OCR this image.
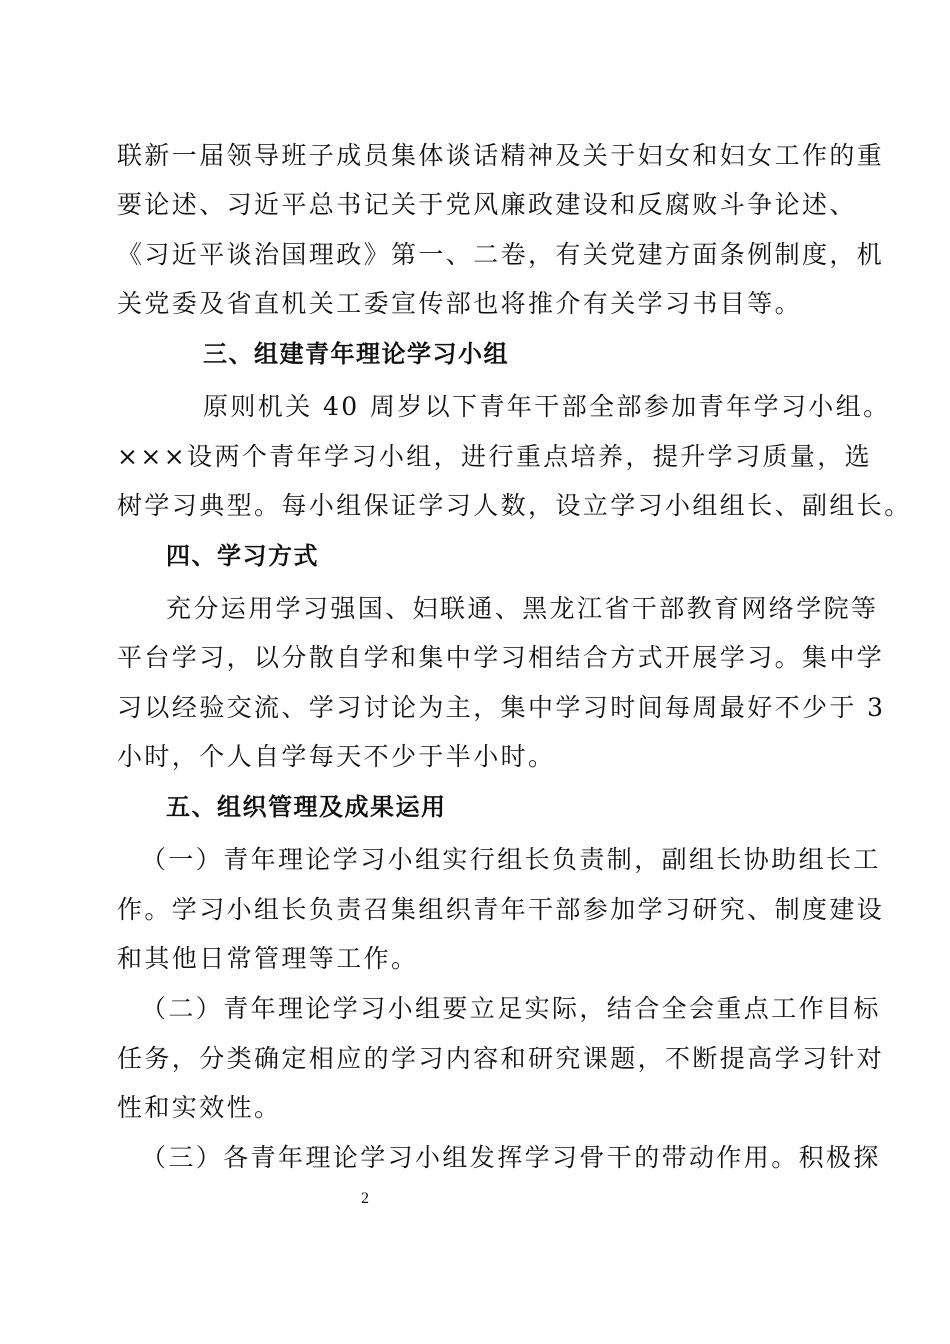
联新一届领导班子成员集体谈话精神及关于妇女和妇女工作的重
要论述、习近平总书记关于党风廉政建设和反腐败斗争论述、
《习近平谈治国理政》第一、二卷，有关党建方面条例制度，机
关党委及省直机关工委宣传部也将推介有关学习书目等。
三、组建青年理论学习小组
原则机关 40 周岁以下青年干部全部参加青年学习小组。
×××设两个青年学习小组，进行重点培养，提升学习质量，选
树学习典型。每小组保证学习人数，设立学习小组组长、副组长。
四、学习方式
充分运用学习强国、妇联通、黑龙江省干部教育网络学院等
平台学习，以分散自学和集中学习相结合方式开展学习。集中学
习以经验交流、学习讨论为主，集中学习时间每周最好不少于 3
小时，个人自学每天不少于半小时。
五、组织管理及成果运用
（一）青年理论学习小组实行组长负责制，副组长协助组长工
作。学习小组长负责召集组织青年干部参加学习研究、制度建设
和其他日常管理等工作。
（二）青年理论学习小组要立足实际，结合全会重点工作目标
任务，分类确定相应的学习内容和研究课题，不断提高学习针对
性和实效性。
（三）各青年理论学习小组发挥学习骨干的带动作用。积极探
2
